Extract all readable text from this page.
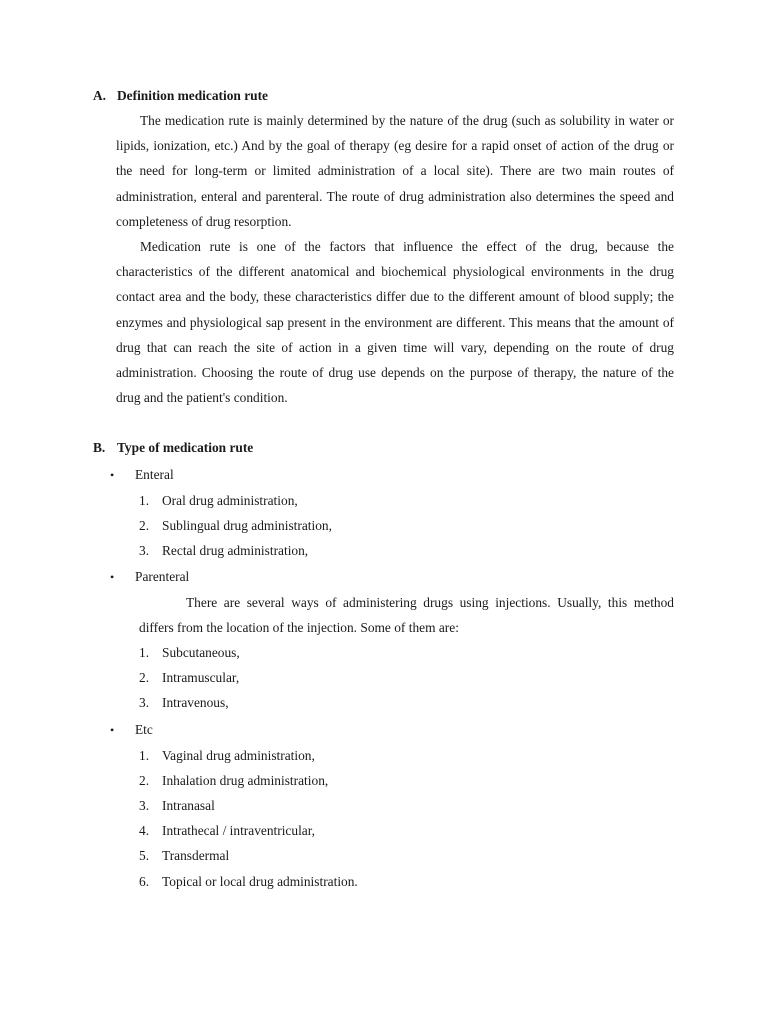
A. Definition medication rute
The medication rute is mainly determined by the nature of the drug (such as solubility in water or lipids, ionization, etc.) And by the goal of therapy (eg desire for a rapid onset of action of the drug or the need for long-term or limited administration of a local site). There are two main routes of administration, enteral and parenteral. The route of drug administration also determines the speed and completeness of drug resorption.
Medication rute is one of the factors that influence the effect of the drug, because the characteristics of the different anatomical and biochemical physiological environments in the drug contact area and the body, these characteristics differ due to the different amount of blood supply; the enzymes and physiological sap present in the environment are different. This means that the amount of drug that can reach the site of action in a given time will vary, depending on the route of drug administration. Choosing the route of drug use depends on the purpose of therapy, the nature of the drug and the patient's condition.
B. Type of medication rute
• Enteral
1. Oral drug administration,
2. Sublingual drug administration,
3. Rectal drug administration,
• Parenteral
There are several ways of administering drugs using injections. Usually, this method differs from the location of the injection. Some of them are:
1. Subcutaneous,
2. Intramuscular,
3. Intravenous,
• Etc
1. Vaginal drug administration,
2. Inhalation drug administration,
3. Intranasal
4. Intrathecal / intraventricular,
5. Transdermal
6. Topical or local drug administration.
